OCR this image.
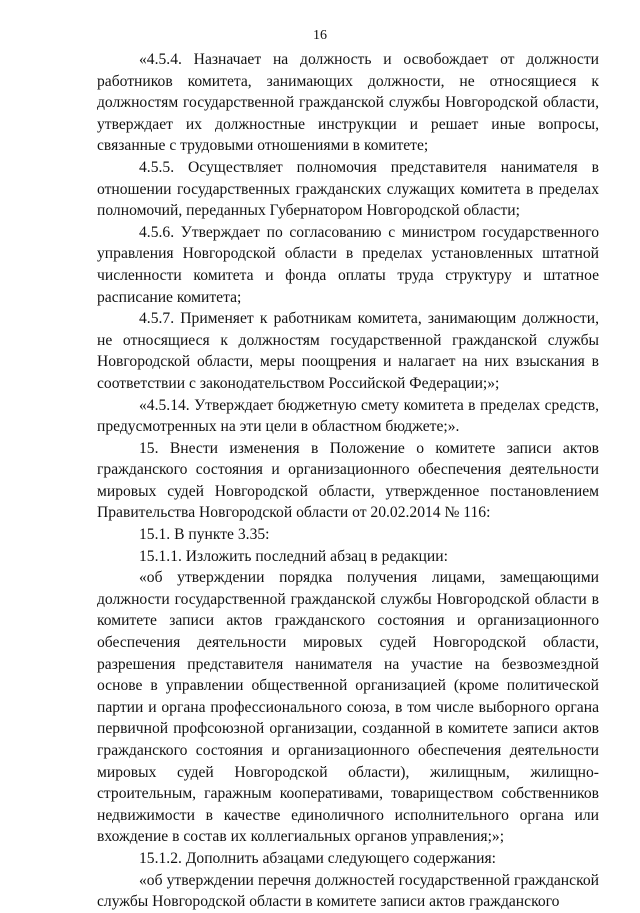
16

«4.5.4. Назначает на должность и освобождает от должности работников комитета, занимающих должности, не относящиеся к должностям государственной гражданской службы Новгородской области, утверждает их должностные инструкции и решает иные вопросы, связанные с трудовыми отношениями в комитете;

4.5.5. Осуществляет полномочия представителя нанимателя в отношении государственных гражданских служащих комитета в пределах полномочий, переданных Губернатором Новгородской области;

4.5.6. Утверждает по согласованию с министром государственного управления Новгородской области в пределах установленных штатной численности комитета и фонда оплаты труда структуру и штатное расписание комитета;

4.5.7. Применяет к работникам комитета, занимающим должности, не относящиеся к должностям государственной гражданской службы Новгородской области, меры поощрения и налагает на них взыскания в соответствии с законодательством Российской Федерации;»;

«4.5.14. Утверждает бюджетную смету комитета в пределах средств, предусмотренных на эти цели в областном бюджете;».

15. Внести изменения в Положение о комитете записи актов гражданского состояния и организационного обеспечения деятельности мировых судей Новгородской области, утвержденное постановлением Правительства Новгородской области от 20.02.2014 № 116:

15.1. В пункте 3.35:

15.1.1. Изложить последний абзац в редакции:

«об утверждении порядка получения лицами, замещающими должности государственной гражданской службы Новгородской области в комитете записи актов гражданского состояния и организационного обеспечения деятельности мировых судей Новгородской области, разрешения представителя нанимателя на участие на безвозмездной основе в управлении общественной организацией (кроме политической партии и органа профессионального союза, в том числе выборного органа первичной профсоюзной организации, созданной в комитете записи актов гражданского состояния и организационного обеспечения деятельности мировых судей Новгородской области), жилищным, жилищно-строительным, гаражным кооперативами, товариществом собственников недвижимости в качестве единоличного исполнительного органа или вхождение в состав их коллегиальных органов управления;»;

15.1.2. Дополнить абзацами следующего содержания:

«об утверждении перечня должностей государственной гражданской службы Новгородской области в комитете записи актов гражданского
